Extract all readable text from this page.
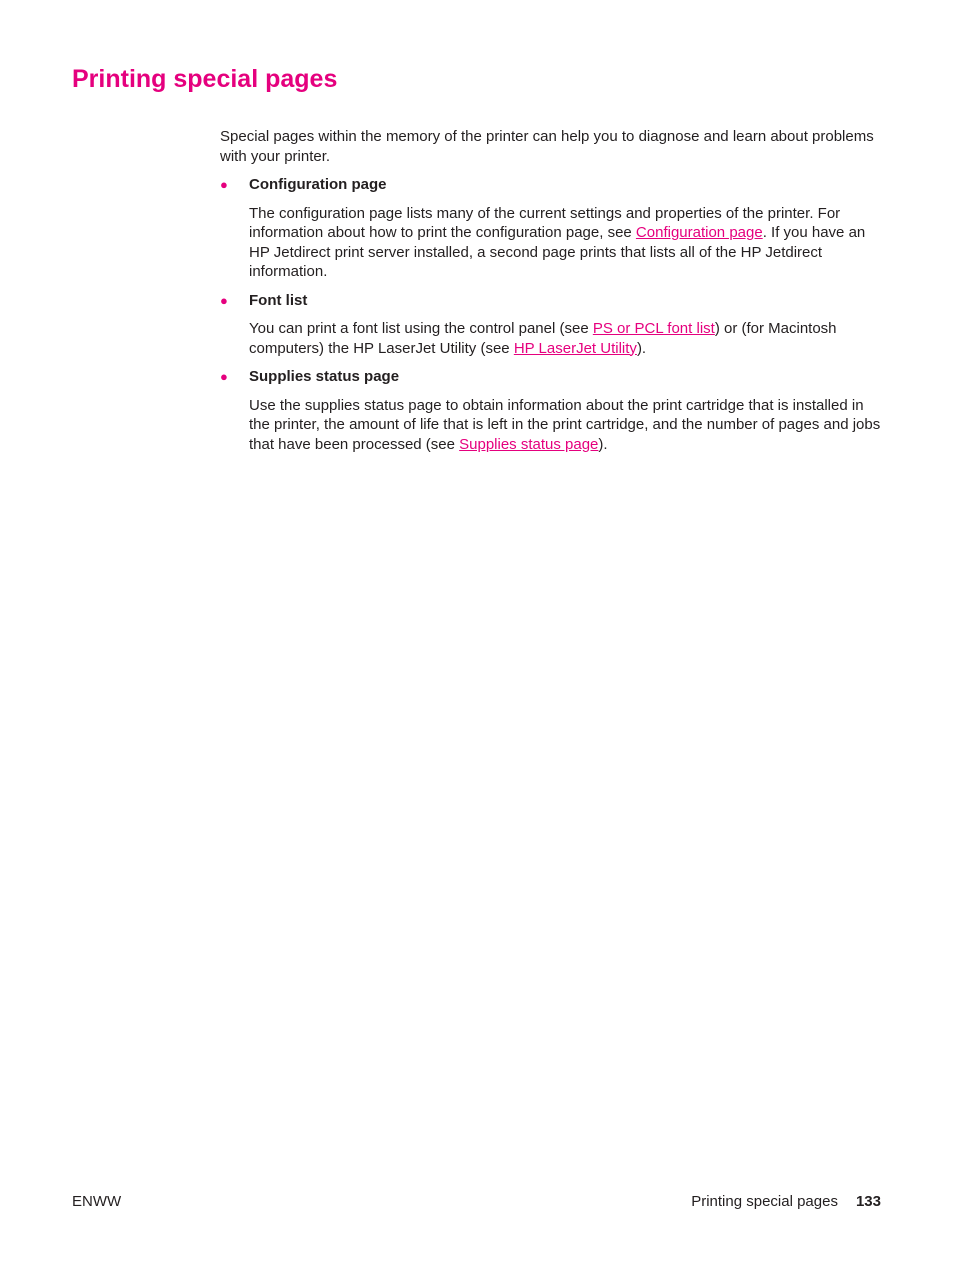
Printing special pages

Special pages within the memory of the printer can help you to diagnose and learn about problems with your printer.

● Configuration page

The configuration page lists many of the current settings and properties of the printer. For information about how to print the configuration page, see Configuration page. If you have an HP Jetdirect print server installed, a second page prints that lists all of the HP Jetdirect information.

● Font list

You can print a font list using the control panel (see PS or PCL font list) or (for Macintosh computers) the HP LaserJet Utility (see HP LaserJet Utility).

● Supplies status page

Use the supplies status page to obtain information about the print cartridge that is installed in the printer, the amount of life that is left in the print cartridge, and the number of pages and jobs that have been processed (see Supplies status page).

ENWW	Printing special pages 133
